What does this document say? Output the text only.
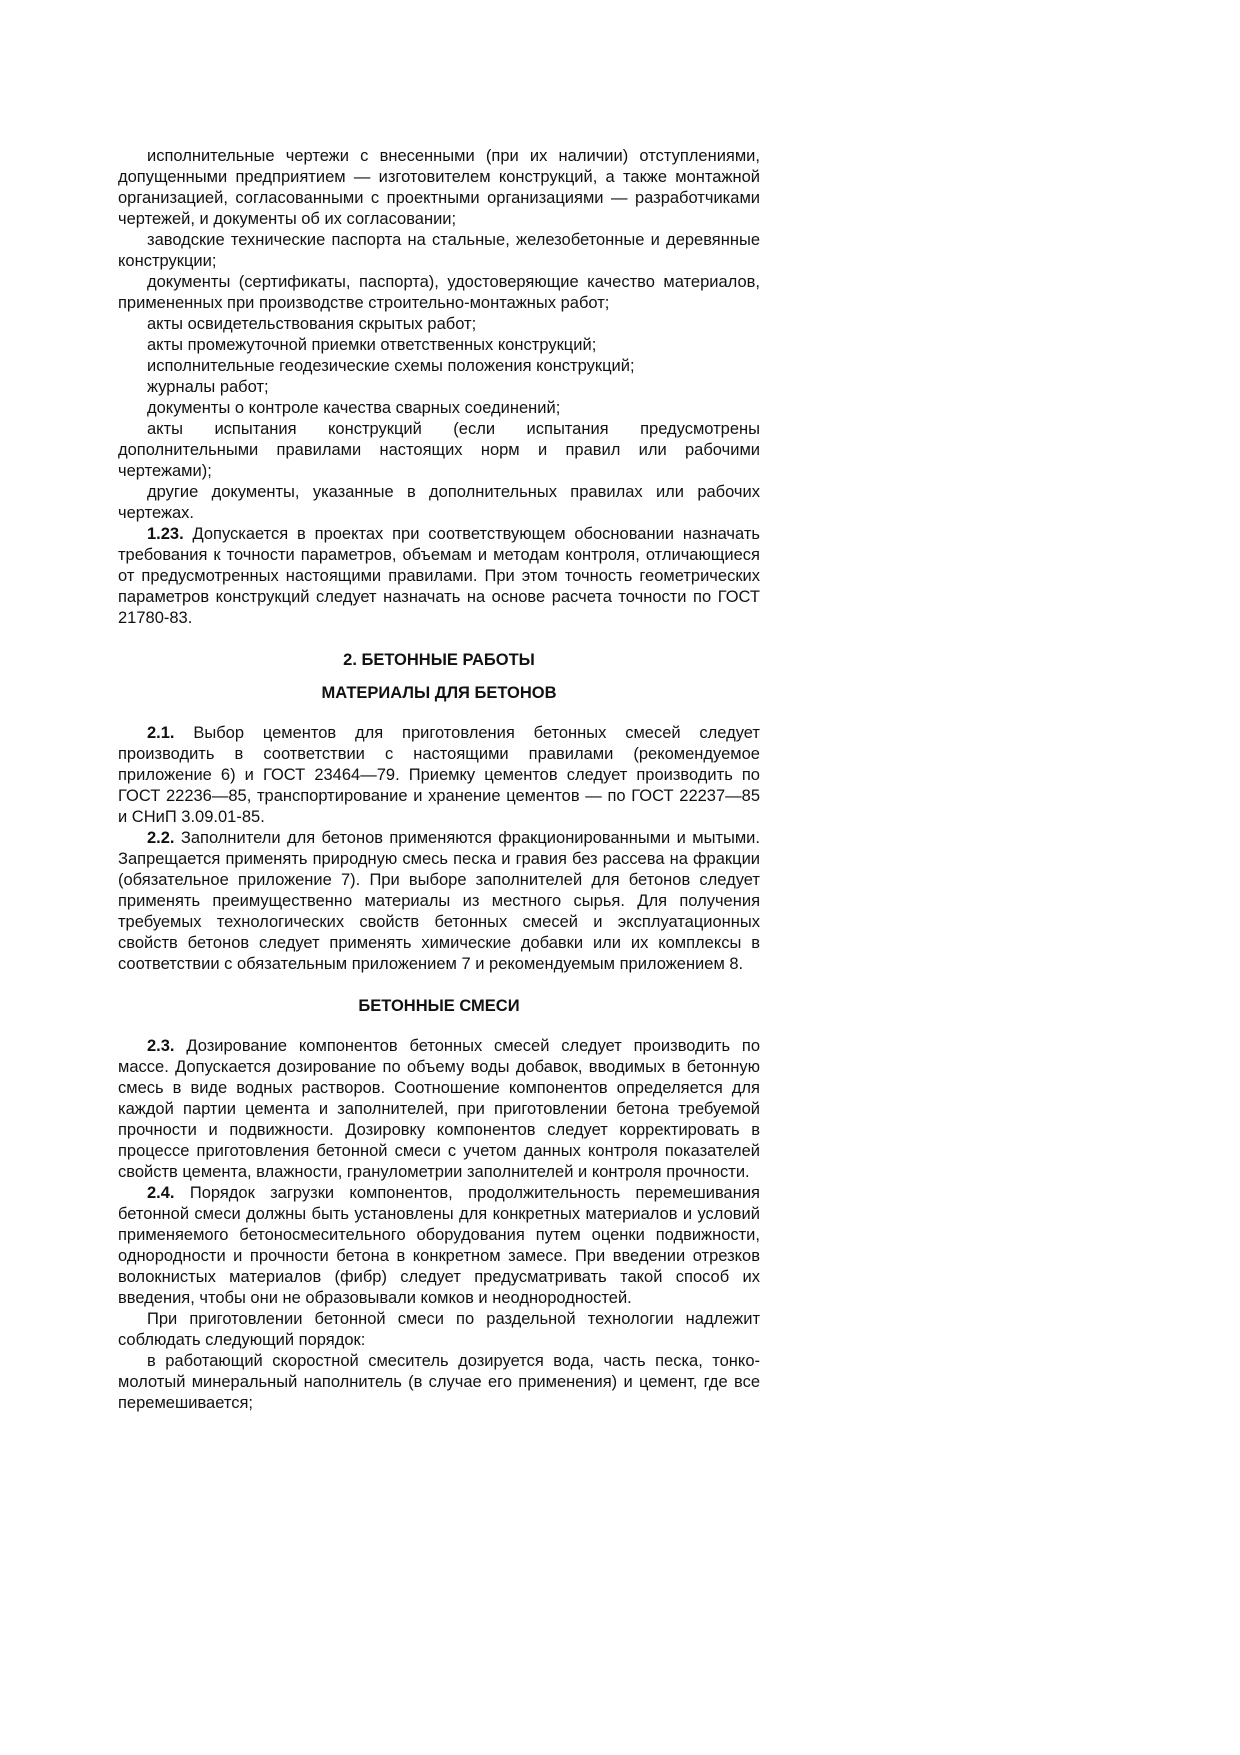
исполнительные чертежи с внесенными (при их наличии) отступлениями, допущенными предприятием — изготовителем конструкций, а также монтажной организацией, согласованными с проектными организациями — разработчиками чертежей, и документы об их согласовании;

заводские технические паспорта на стальные, железобетонные и деревянные конструкции;

документы (сертификаты, паспорта), удостоверяющие качество материалов, примененных при производстве строительно-монтажных работ;

акты освидетельствования скрытых работ;

акты промежуточной приемки ответственных конструкций;

исполнительные геодезические схемы положения конструкций;

журналы работ;

документы о контроле качества сварных соединений;

акты испытания конструкций (если испытания предусмотрены дополнительными правилами настоящих норм и правил или рабочими чертежами);

другие документы, указанные в дополнительных правилах или рабочих чертежах.

1.23. Допускается в проектах при соответствующем обосновании назначать требования к точности параметров, объемам и методам контроля, отличающиеся от предусмотренных настоящими правилами. При этом точность геометрических параметров конструкций следует назначать на основе расчета точности по ГОСТ 21780-83.

2. БЕТОННЫЕ РАБОТЫ

МАТЕРИАЛЫ ДЛЯ БЕТОНОВ

2.1. Выбор цементов для приготовления бетонных смесей следует производить в соответствии с настоящими правилами (рекомендуемое приложение 6) и ГОСТ 23464—79. Приемку цементов следует производить по ГОСТ 22236—85, транспортирование и хранение цементов — по ГОСТ 22237—85 и СНиП 3.09.01-85.

2.2. Заполнители для бетонов применяются фракционированными и мытыми. Запрещается применять природную смесь песка и гравия без рассева на фракции (обязательное приложение 7). При выборе заполнителей для бетонов следует применять преимущественно материалы из местного сырья. Для получения требуемых технологических свойств бетонных смесей и эксплуатационных свойств бетонов следует применять химические добавки или их комплексы в соответствии с обязательным приложением 7 и рекомендуемым приложением 8.

БЕТОННЫЕ СМЕСИ

2.3. Дозирование компонентов бетонных смесей следует производить по массе. Допускается дозирование по объему воды добавок, вводимых в бетонную смесь в виде водных растворов. Соотношение компонентов определяется для каждой партии цемента и заполнителей, при приготовлении бетона требуемой прочности и подвижности. Дозировку компонентов следует корректировать в процессе приготовления бетонной смеси с учетом данных контроля показателей свойств цемента, влажности, гранулометрии заполнителей и контроля прочности.

2.4. Порядок загрузки компонентов, продолжительность перемешивания бетонной смеси должны быть установлены для конкретных материалов и условий применяемого бетоносмесительного оборудования путем оценки подвижности, однородности и прочности бетона в конкретном замесе. При введении отрезков волокнистых материалов (фибр) следует предусматривать такой способ их введения, чтобы они не образовывали комков и неоднородностей.

При приготовлении бетонной смеси по раздельной технологии надлежит соблюдать следующий порядок:

в работающий скоростной смеситель дозируется вода, часть песка, тонко-молотый минеральный наполнитель (в случае его применения) и цемент, где все перемешивается;
